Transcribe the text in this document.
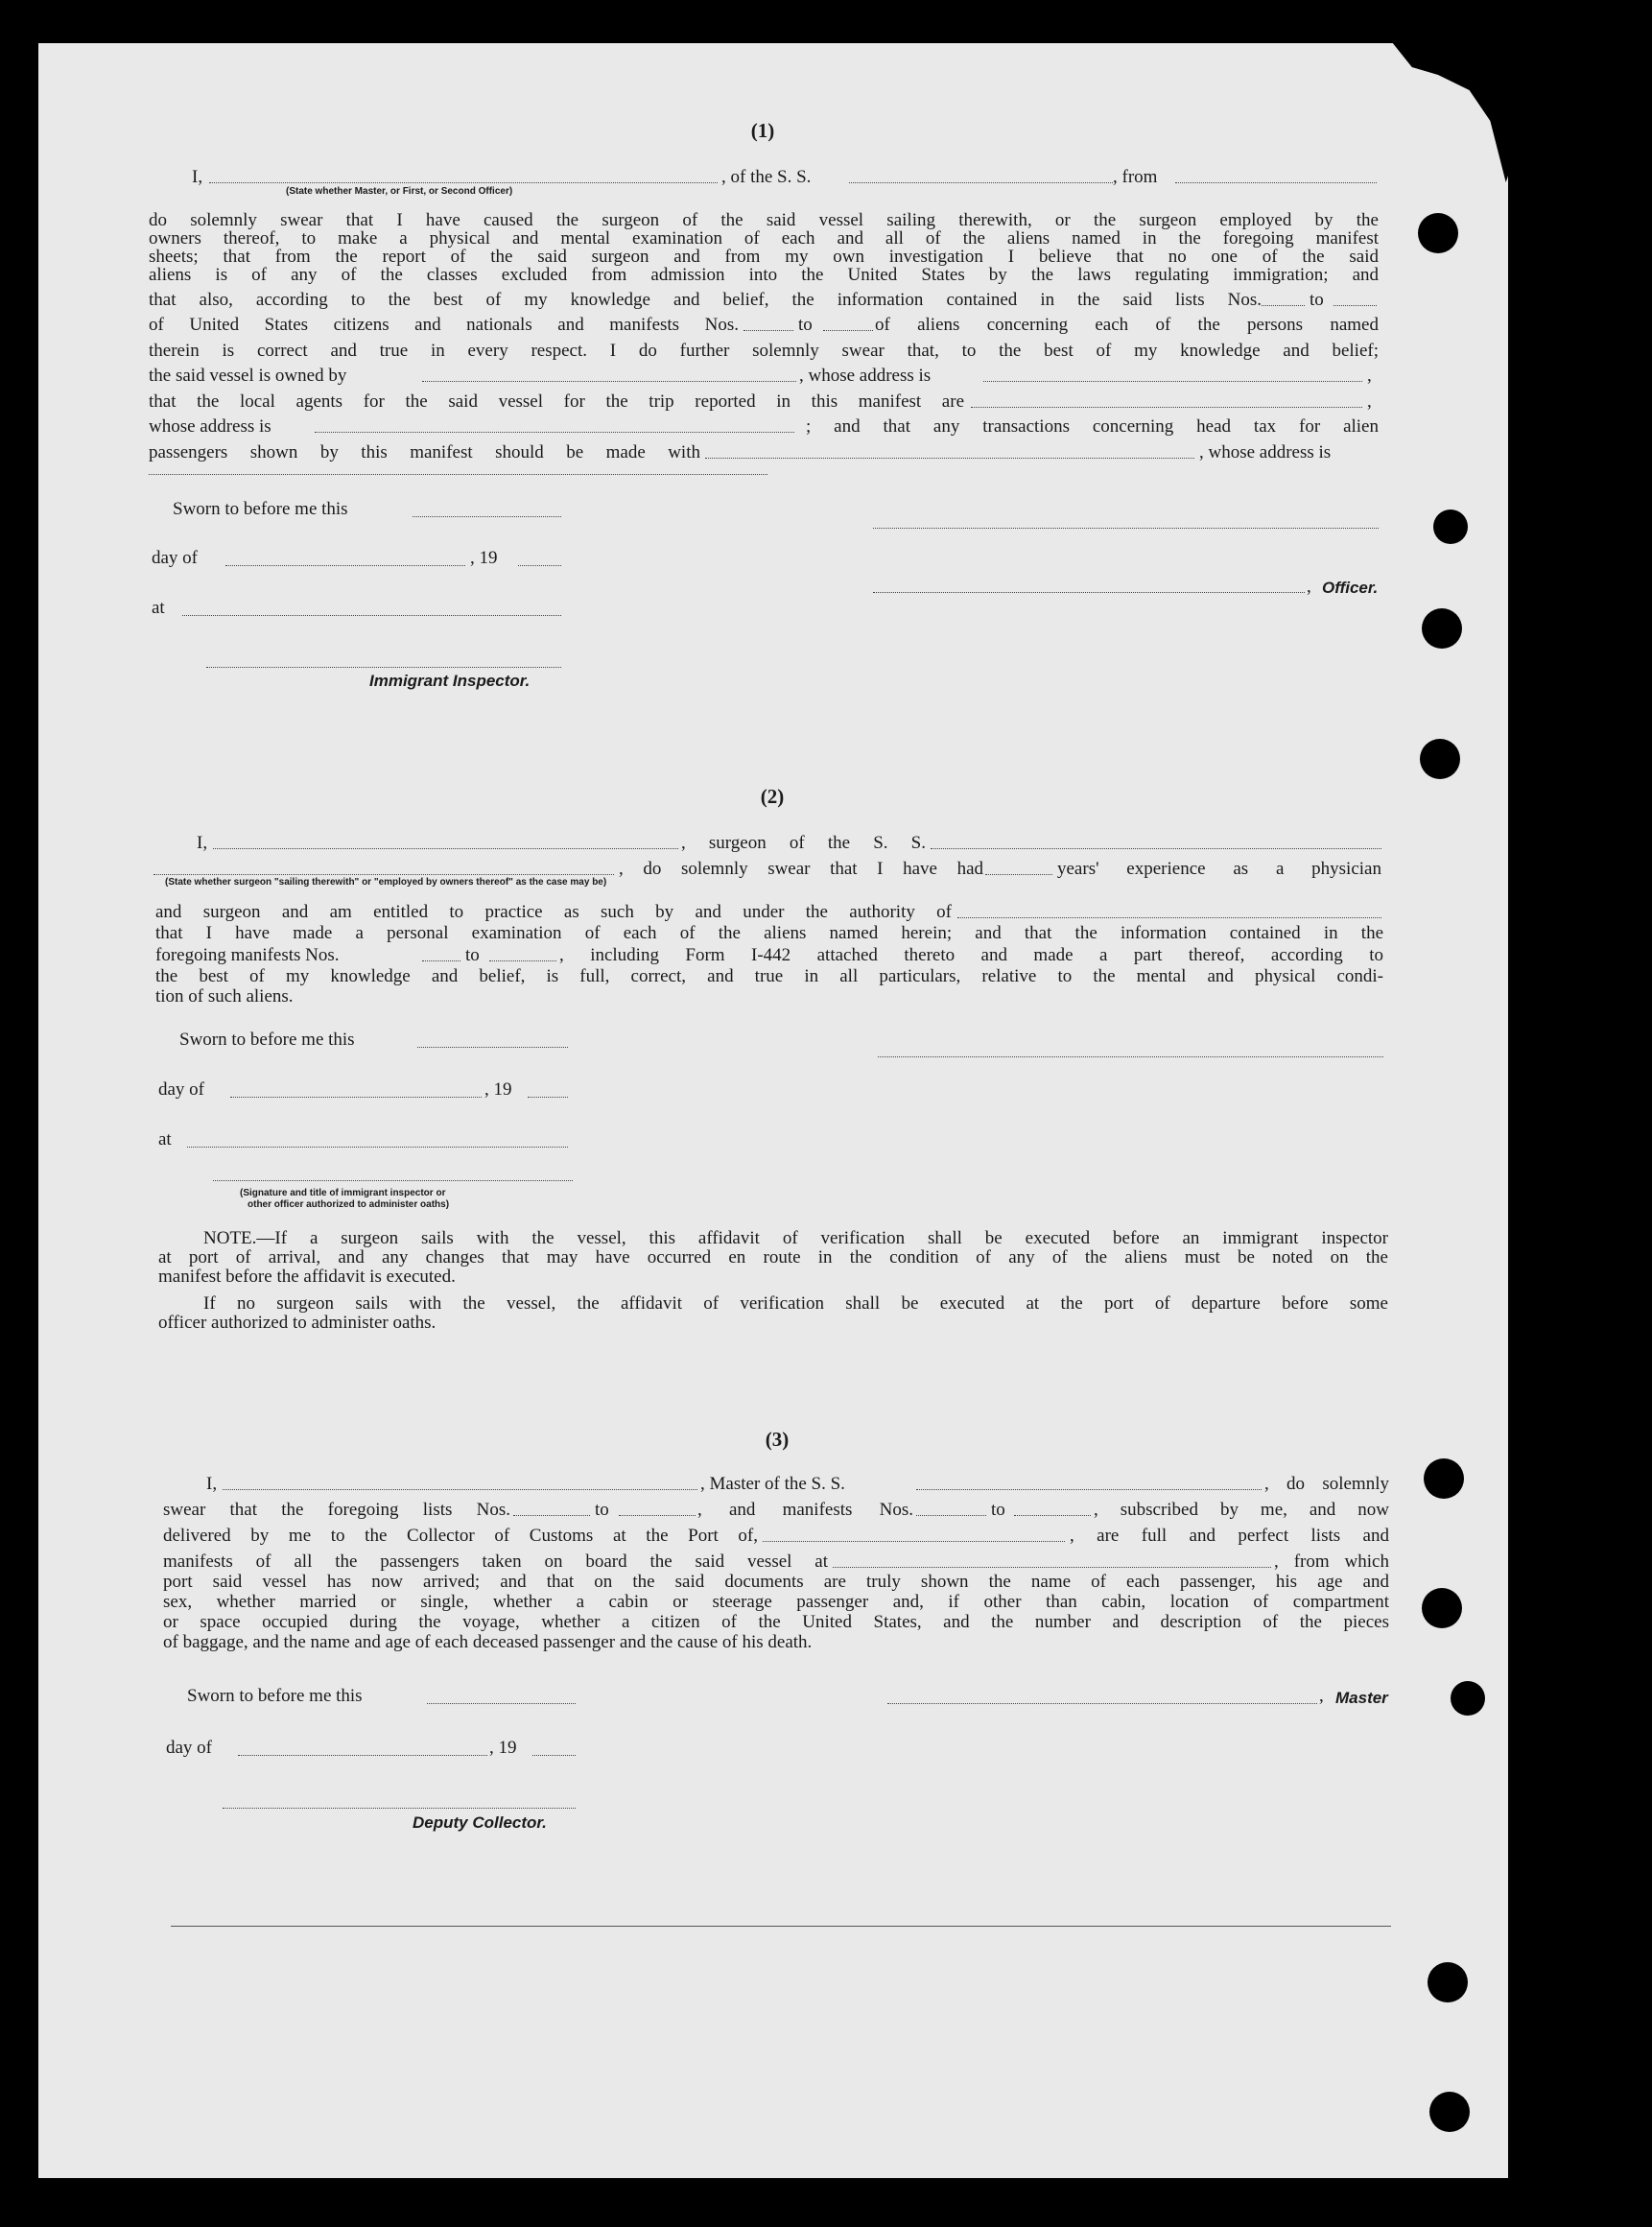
(1)
I,	, of the S. S.	, from
(State whether Master, or First, or Second Officer)
do solemnly swear that I have caused the surgeon of the said vessel sailing therewith, or the surgeon employed by the
owners thereof, to make a physical and mental examination of each and all of the aliens named in the foregoing manifest
sheets; that from the report of the said surgeon and from my own investigation I believe that no one of the said
aliens is of any of the classes excluded from admission into the United States by the laws regulating immigration; and
that also, according to the best of my knowledge and belief, the information contained in the said lists Nos.	to
of United States citizens and nationals and manifests Nos.	to	of aliens concerning each of the persons named
therein is correct and true in every respect. I do further solemnly swear that, to the best of my knowledge and belief;
the said vessel is owned by	, whose address is	,
that the local agents for the said vessel for the trip reported in this manifest are	,
whose address is	; and that any transactions concerning head tax for alien
passengers shown by this manifest should be made with	, whose address is
Sworn to before me this
day of	, 19
, Officer.
at
Immigrant Inspector.
(2)
I,	, surgeon of the S. S.
, do solemnly swear that I have had	years' experience as a physician
(State whether surgeon "sailing therewith" or "employed by owners thereof" as the case may be)
and surgeon and am entitled to practice as such by and under the authority of
that I have made a personal examination of each of the aliens named herein; and that the information contained in the
foregoing manifests Nos.	to	, including Form I-442 attached thereto and made a part thereof, according to
the best of my knowledge and belief, is full, correct, and true in all particulars, relative to the mental and physical condi-
tion of such aliens.
Sworn to before me this
day of	, 19
at
(Signature and title of immigrant inspector or
other officer authorized to administer oaths)
NOTE.—If a surgeon sails with the vessel, this affidavit of verification shall be executed before an immigrant inspector
at port of arrival, and any changes that may have occurred en route in the condition of any of the aliens must be noted on the
manifest before the affidavit is executed.
If no surgeon sails with the vessel, the affidavit of verification shall be executed at the port of departure before some
officer authorized to administer oaths.
(3)
I,	, Master of the S. S.	, do solemnly
swear that the foregoing lists Nos.	to	, and manifests Nos.	to	, subscribed by me, and now
delivered by me to the Collector of Customs at the Port of,	, are full and perfect lists and
manifests of all the passengers taken on board the said vessel at	, from which
port said vessel has now arrived; and that on the said documents are truly shown the name of each passenger, his age and
sex, whether married or single, whether a cabin or steerage passenger and, if other than cabin, location of compartment
or space occupied during the voyage, whether a citizen of the United States, and the number and description of the pieces
of baggage, and the name and age of each deceased passenger and the cause of his death.
Sworn to before me this	, Master
day of	, 19
Deputy Collector.
